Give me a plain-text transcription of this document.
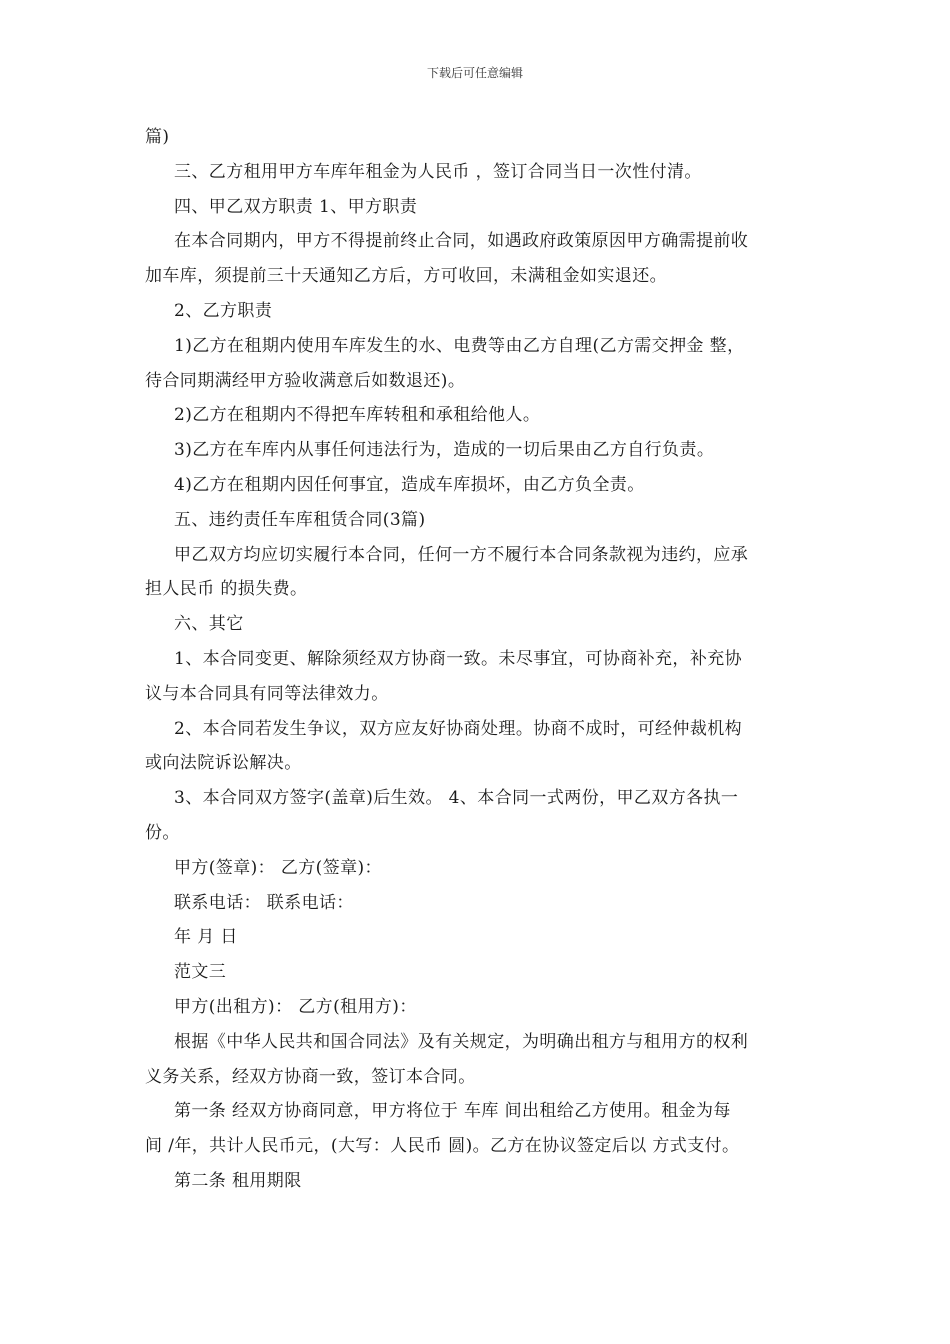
下载后可任意编辑
篇)
三、乙方租用甲方车库年租金为人民币 ，签订合同当日一次性付清。
四、甲乙双方职责 1、甲方职责
在本合同期内，甲方不得提前终止合同，如遇政府政策原因甲方确需提前收
加车库，须提前三十天通知乙方后，方可收回，未满租金如实退还。
2、乙方职责
1)乙方在租期内使用车库发生的水、电费等由乙方自理(乙方需交押金 整，
待合同期满经甲方验收满意后如数退还)。
2)乙方在租期内不得把车库转租和承租给他人。
3)乙方在车库内从事任何违法行为，造成的一切后果由乙方自行负责。
4)乙方在租期内因任何事宜，造成车库损坏，由乙方负全责。
五、违约责任车库租赁合同(3篇)
甲乙双方均应切实履行本合同，任何一方不履行本合同条款视为违约，应承
担人民币 的损失费。
六、其它
1、本合同变更、解除须经双方协商一致。未尽事宜，可协商补充，补充协
议与本合同具有同等法律效力。
2、本合同若发生争议，双方应友好协商处理。协商不成时，可经仲裁机构
或向法院诉讼解决。
3、本合同双方签字(盖章)后生效。 4、本合同一式两份，甲乙双方各执一
份。
甲方(签章)： 乙方(签章)：
联系电话： 联系电话：
年 月 日
范文三
甲方(出租方)： 乙方(租用方)：
根据《中华人民共和国合同法》及有关规定，为明确出租方与租用方的权利
义务关系，经双方协商一致，签订本合同。
第一条 经双方协商同意，甲方将位于 车库 间出租给乙方使用。租金为每
间 /年，共计人民币元，(大写：人民币 圆)。乙方在协议签定后以 方式支付。
第二条 租用期限
